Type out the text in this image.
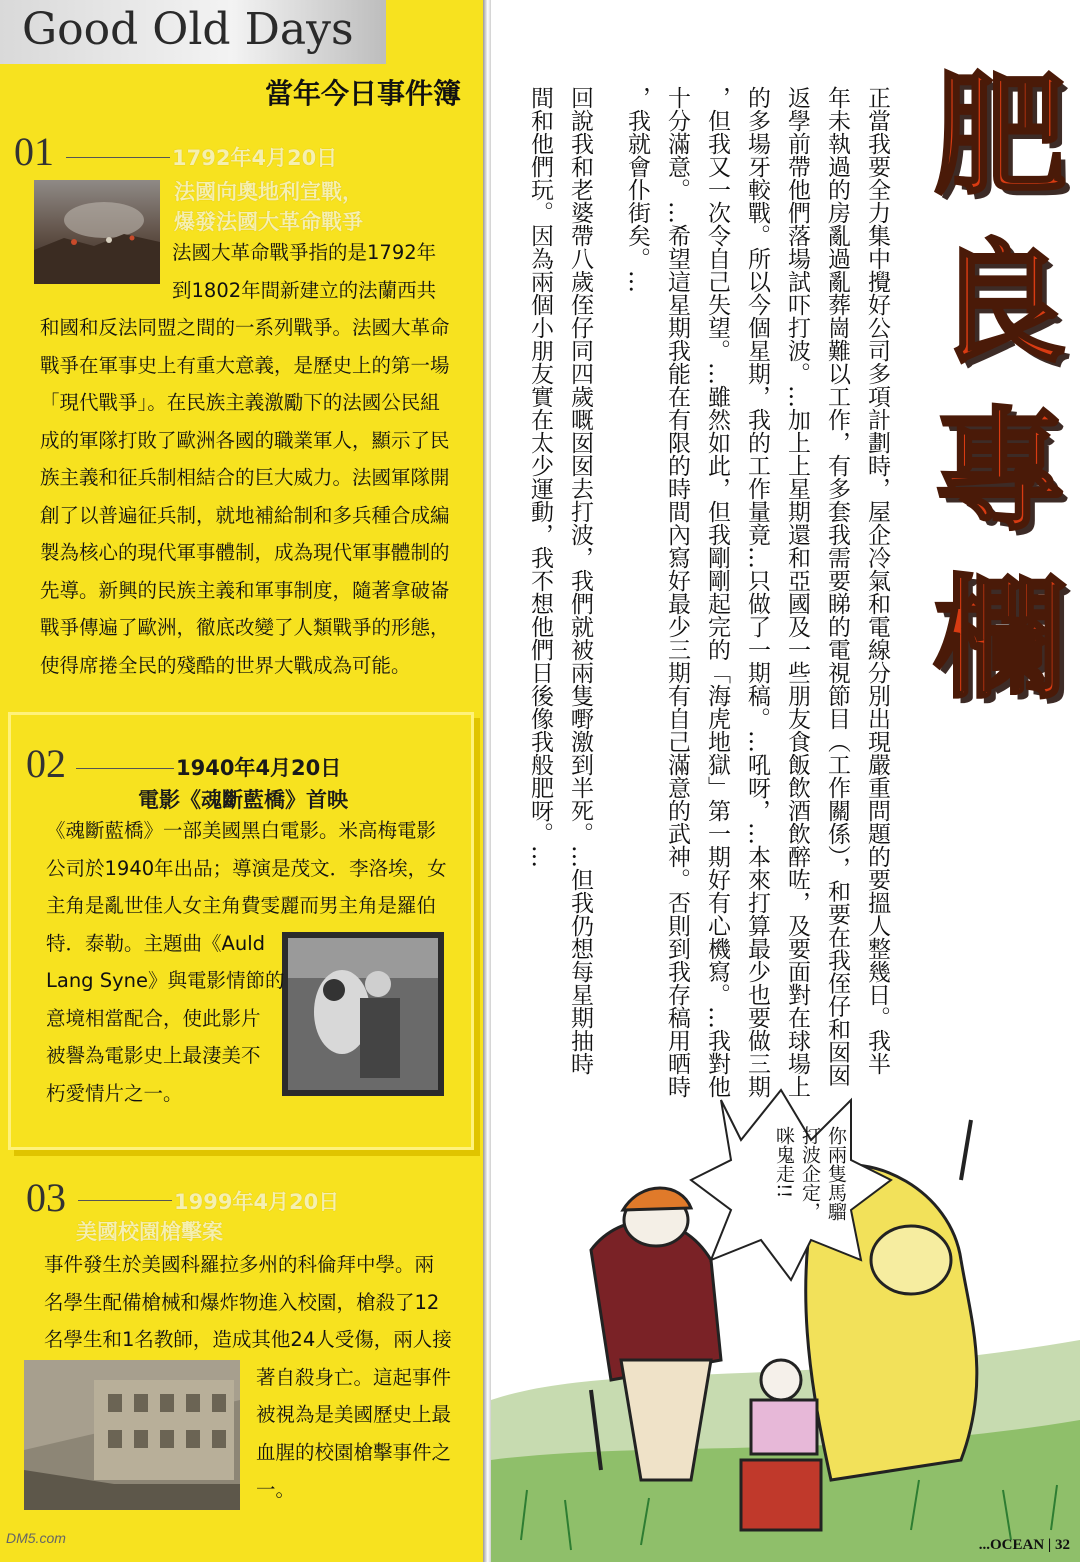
Good Old Days
當年今日事件簿
01	1792年4月20日
法國向奧地利宣戰，
爆發法國大革命戰爭
法國大革命戰爭指的是1792年
到1802年間新建立的法蘭西共
和國和反法同盟之間的一系列戰爭。法國大革命
戰爭在軍事史上有重大意義，是歷史上的第一場
「現代戰爭」。在民族主義激勵下的法國公民組
成的軍隊打敗了歐洲各國的職業軍人，顯示了民
族主義和征兵制相結合的巨大威力。法國軍隊開
創了以普遍征兵制，就地補給制和多兵種合成編
製為核心的現代軍事體制，成為現代軍事體制的
先導。新興的民族主義和軍事制度，隨著拿破崙
戰爭傳遍了歐洲，徹底改變了人類戰爭的形態，
使得席捲全民的殘酷的世界大戰成為可能。
02	1940年4月20日
電影《魂斷藍橋》首映
《魂斷藍橋》一部美國黑白電影。米高梅電影
公司於1940年出品；導演是茂文．李洛埃，女
主角是亂世佳人女主角費雯麗而男主角是羅伯
特．泰勒。主題曲《Auld
Lang Syne》與電影情節的
意境相當配合，使此影片
被譽為電影史上最淒美不
朽愛情片之一。
03	1999年4月20日
美國校園槍擊案
事件發生於美國科羅拉多州的科倫拜中學。兩
名學生配備槍械和爆炸物進入校園，槍殺了12
名學生和1名教師，造成其他24人受傷，兩人接
著自殺身亡。這起事件
被視為是美國歷史上最
血腥的校園槍擊事件之
一。
DM5.com
你兩隻馬騮
打波企定，
咪鬼走!!
...OCEAN | 32
肥
良
專
欄
正當我要全力集中攪好公司多項計劃時，屋企冷氣和電線分別出現嚴重問題的要搵人整幾日。我半
年未執過的房亂過亂葬崗難以工作，有多套我需要睇的電視節目（工作關係），和要在我侄仔和囡囡
返學前帶他們落場試吓打波。…加上上星期還和亞國及一些朋友食飯飲酒飲醉咗，及要面對在球場上
的多場牙較戰。所以今個星期，我的工作量竟…只做了一期稿。…吼呀，…本來打算最少也要做三期
，但我又一次令自己失望。…雖然如此，但我剛剛起完的「海虎地獄」第一期好有心機寫。…我對他
十分滿意。…希望這星期我能在有限的時間內寫好最少三期有自己滿意的武神。否則到我存稿用晒時
，我就會仆街矣。…
回說我和老婆帶八歲侄仔同四歲嘅囡囡去打波，我們就被兩隻嘢激到半死。…但我仍想每星期抽時
間和他們玩。因為兩個小朋友實在太少運動，我不想他們日後像我般肥呀。…
